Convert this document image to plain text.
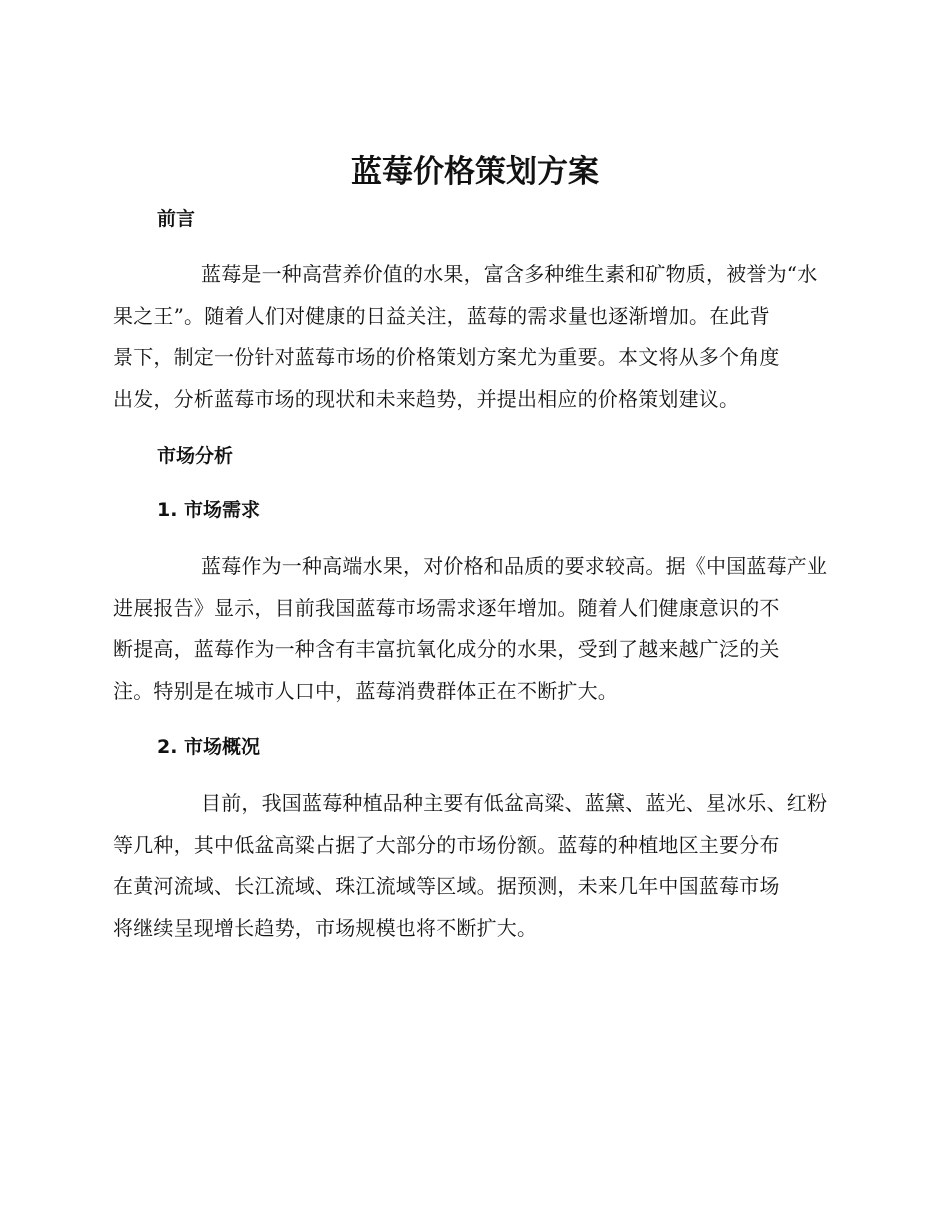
蓝莓价格策划方案
前言

蓝莓是一种高营养价值的水果，富含多种维生素和矿物质，被誉为“水
果之王”。随着人们对健康的日益关注，蓝莓的需求量也逐渐增加。在此背
景下，制定一份针对蓝莓市场的价格策划方案尤为重要。本文将从多个角度
出发，分析蓝莓市场的现状和未来趋势，并提出相应的价格策划建议。

市场分析
1. 市场需求

蓝莓作为一种高端水果，对价格和品质的要求较高。据《中国蓝莓产业
进展报告》显示，目前我国蓝莓市场需求逐年增加。随着人们健康意识的不
断提高，蓝莓作为一种含有丰富抗氧化成分的水果，受到了越来越广泛的关
注。特别是在城市人口中，蓝莓消费群体正在不断扩大。

2. 市场概况

目前，我国蓝莓种植品种主要有低盆高粱、蓝黛、蓝光、星冰乐、红粉
等几种，其中低盆高粱占据了大部分的市场份额。蓝莓的种植地区主要分布
在黄河流域、长江流域、珠江流域等区域。据预测，未来几年中国蓝莓市场
将继续呈现增长趋势，市场规模也将不断扩大。
